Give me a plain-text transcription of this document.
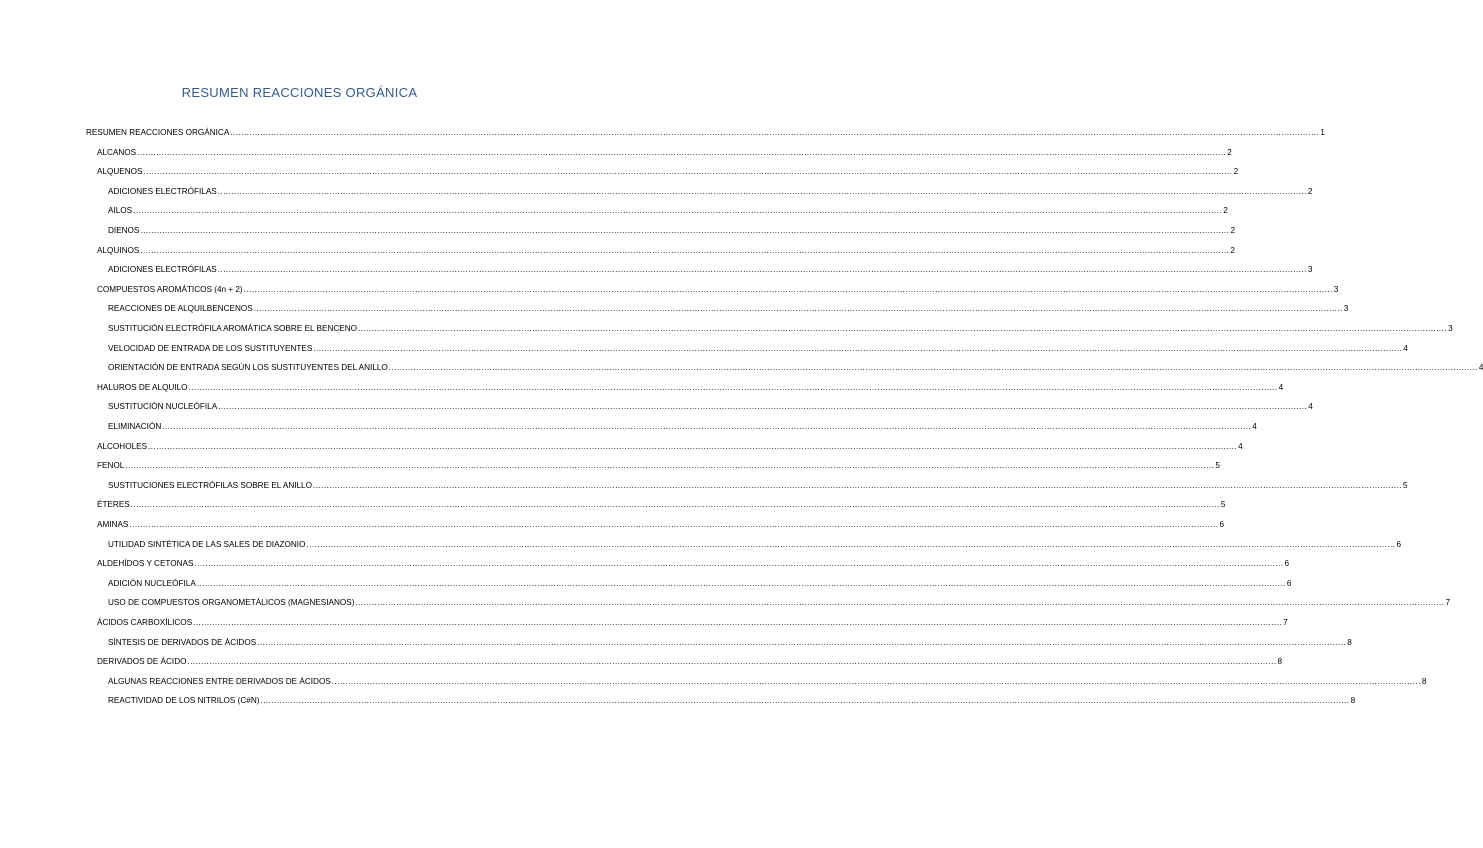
RESUMEN REACCIONES ORGÁNICA
RESUMEN REACCIONES ORGÁNICA ................................................................................................................................................................................................................................................................................................................................................................................................................ 1
ALCANOS ................................................................................................................................................................................................................................................................................................................................................................................................................ 2
ALQUENOS ................................................................................................................................................................................................................................................................................................................................................................................................................ 2
ADICIONES ELECTRÓFILAS ................................................................................................................................................................................................................................................................................................................................................................................................................ 2
AILOS ................................................................................................................................................................................................................................................................................................................................................................................................................ 2
DIENOS ................................................................................................................................................................................................................................................................................................................................................................................................................ 2
ALQUINOS ................................................................................................................................................................................................................................................................................................................................................................................................................ 2
ADICIONES ELECTRÓFILAS ................................................................................................................................................................................................................................................................................................................................................................................................................ 3
COMPUESTOS AROMÁTICOS (4n + 2) ................................................................................................................................................................................................................................................................................................................................................................................................................ 3
REACCIONES DE ALQUILBENCENOS ................................................................................................................................................................................................................................................................................................................................................................................................................ 3
SUSTITUCIÓN ELECTRÓFILA AROMÁTICA SOBRE EL BENCENO ................................................................................................................................................................................................................................................................................................................................................................................................................ 3
VELOCIDAD DE ENTRADA DE LOS SUSTITUYENTES ................................................................................................................................................................................................................................................................................................................................................................................................................ 4
ORIENTACIÓN DE ENTRADA SEGÚN LOS SUSTITUYENTES DEL ANILLO ................................................................................................................................................................................................................................................................................................................................................................................................................ 4
HALUROS DE ALQUILO ................................................................................................................................................................................................................................................................................................................................................................................................................ 4
SUSTITUCIÓN NUCLEÓFILA ................................................................................................................................................................................................................................................................................................................................................................................................................ 4
ELIMINACIÓN ................................................................................................................................................................................................................................................................................................................................................................................................................ 4
ALCOHOLES ................................................................................................................................................................................................................................................................................................................................................................................................................ 4
FENOL ................................................................................................................................................................................................................................................................................................................................................................................................................ 5
SUSTITUCIONES ELECTRÓFILAS SOBRE EL ANILLO ................................................................................................................................................................................................................................................................................................................................................................................................................ 5
ÉTERES ................................................................................................................................................................................................................................................................................................................................................................................................................ 5
AMINAS ................................................................................................................................................................................................................................................................................................................................................................................................................ 6
UTILIDAD SINTÉTICA DE LAS SALES DE DIAZONIO ................................................................................................................................................................................................................................................................................................................................................................................................................ 6
ALDEHÍDOS Y CETONAS ................................................................................................................................................................................................................................................................................................................................................................................................................ 6
ADICIÓN NUCLEÓFILA ................................................................................................................................................................................................................................................................................................................................................................................................................ 6
USO DE COMPUESTOS ORGANOMETÁLICOS (MAGNESIANOS) ................................................................................................................................................................................................................................................................................................................................................................................................................ 7
ÁCIDOS CARBOXÍLICOS ................................................................................................................................................................................................................................................................................................................................................................................................................ 7
SÍNTESIS DE DERIVADOS DE ÁCIDOS ................................................................................................................................................................................................................................................................................................................................................................................................................ 8
DERIVADOS DE ÁCIDO ................................................................................................................................................................................................................................................................................................................................................................................................................ 8
ALGUNAS REACCIONES ENTRE DERIVADOS DE ÁCIDOS ................................................................................................................................................................................................................................................................................................................................................................................................................ 8
REACTIVIDAD DE LOS NITRILOS (C#N) ................................................................................................................................................................................................................................................................................................................................................................................................................ 8
